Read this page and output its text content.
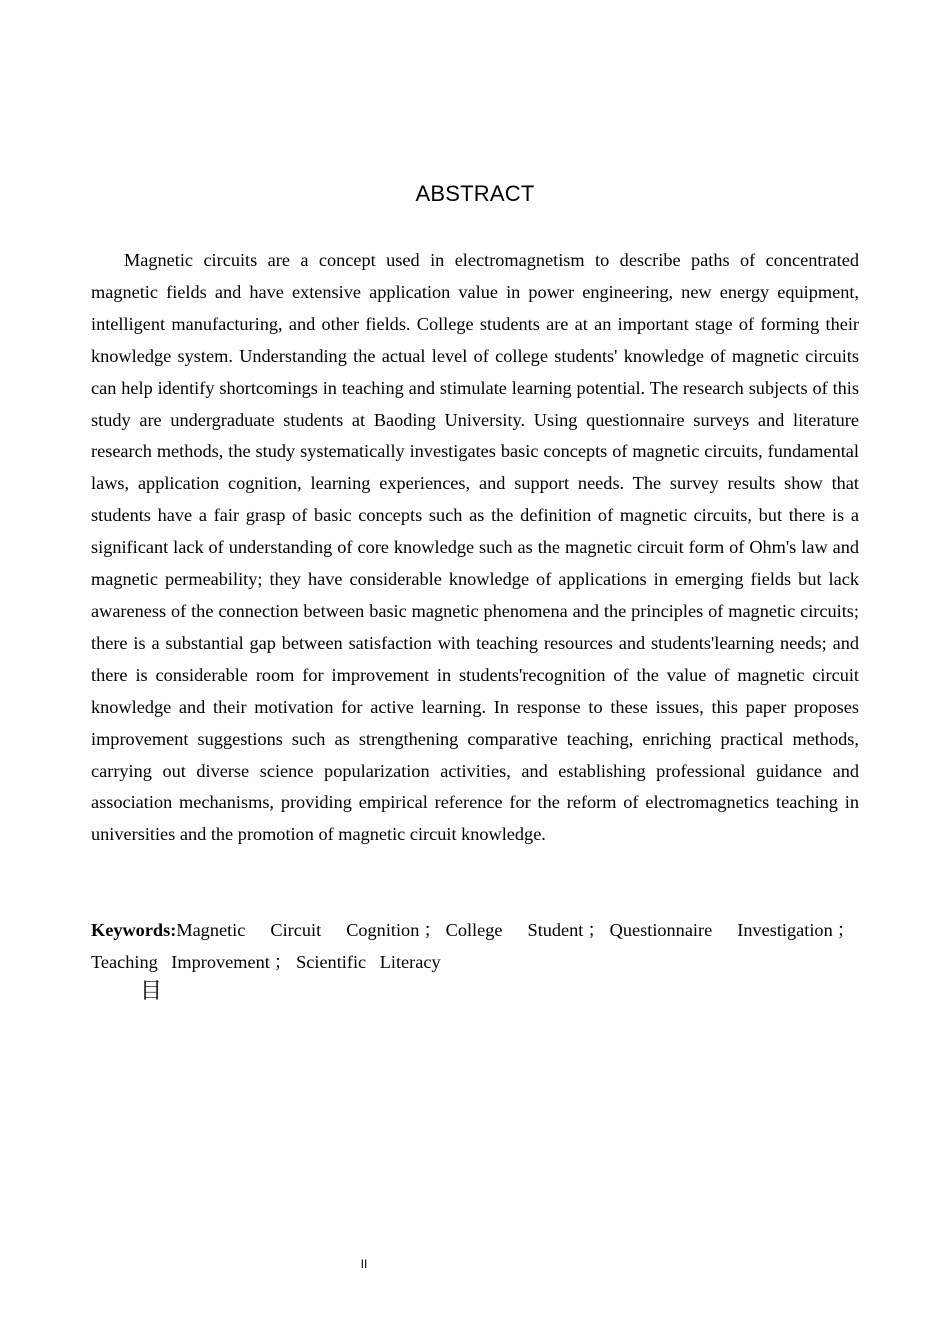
ABSTRACT

Magnetic circuits are a concept used in electromagnetism to describe paths of concentrated magnetic fields and have extensive application value in power engineering, new energy equipment, intelligent manufacturing, and other fields. College students are at an important stage of forming their knowledge system. Understanding the actual level of college students' knowledge of magnetic circuits can help identify shortcomings in teaching and stimulate learning potential. The research subjects of this study are undergraduate students at Baoding University. Using questionnaire surveys and literature research methods, the study systematically investigates basic concepts of magnetic circuits, fundamental laws, application cognition, learning experiences, and support needs. The survey results show that students have a fair grasp of basic concepts such as the definition of magnetic circuits, but there is a significant lack of understanding of core knowledge such as the magnetic circuit form of Ohm's law and magnetic permeability; they have considerable knowledge of applications in emerging fields but lack awareness of the connection between basic magnetic phenomena and the principles of magnetic circuits; there is a substantial gap between satisfaction with teaching resources and students'learning needs; and there is considerable room for improvement in students'recognition of the value of magnetic circuit knowledge and their motivation for active learning. In response to these issues, this paper proposes improvement suggestions such as strengthening comparative teaching, enriching practical methods, carrying out diverse science popularization activities, and establishing professional guidance and association mechanisms, providing empirical reference for the reform of electromagnetics teaching in universities and the promotion of magnetic circuit knowledge.

Keywords:Magnetic Circuit Cognition ； College Student ； Questionnaire Investigation； Teaching Improvement ； Scientific Literacy

目
II
